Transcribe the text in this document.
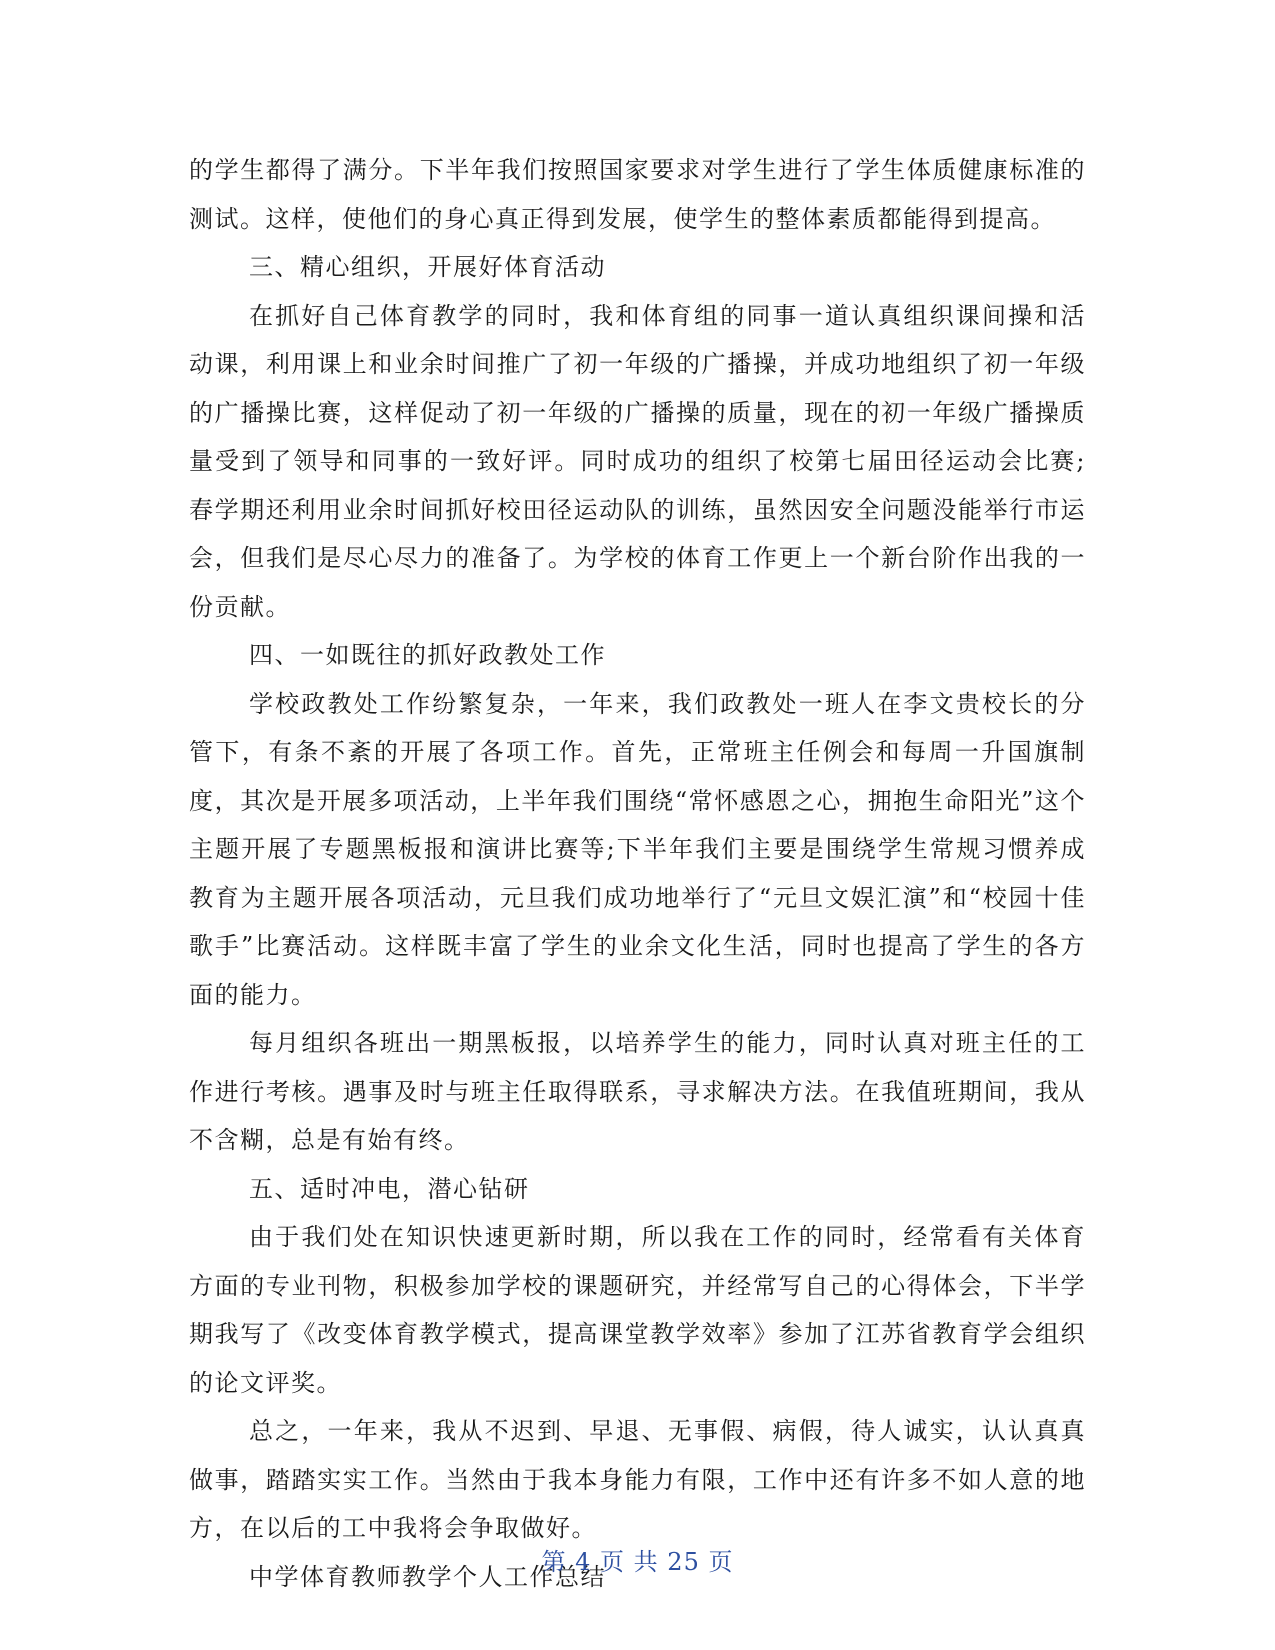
的学生都得了满分。下半年我们按照国家要求对学生进行了学生体质健康标准的测试。这样，使他们的身心真正得到发展，使学生的整体素质都能得到提高。

三、精心组织，开展好体育活动

在抓好自己体育教学的同时，我和体育组的同事一道认真组织课间操和活动课，利用课上和业余时间推广了初一年级的广播操，并成功地组织了初一年级的广播操比赛，这样促动了初一年级的广播操的质量，现在的初一年级广播操质量受到了领导和同事的一致好评。同时成功的组织了校第七届田径运动会比赛;春学期还利用业余时间抓好校田径运动队的训练，虽然因安全问题没能举行市运会，但我们是尽心尽力的准备了。为学校的体育工作更上一个新台阶作出我的一份贡献。

四、一如既往的抓好政教处工作

学校政教处工作纷繁复杂，一年来，我们政教处一班人在李文贵校长的分管下，有条不紊的开展了各项工作。首先，正常班主任例会和每周一升国旗制度，其次是开展多项活动，上半年我们围绕“常怀感恩之心，拥抱生命阳光”这个主题开展了专题黑板报和演讲比赛等;下半年我们主要是围绕学生常规习惯养成教育为主题开展各项活动，元旦我们成功地举行了“元旦文娱汇演”和“校园十佳歌手”比赛活动。这样既丰富了学生的业余文化生活，同时也提高了学生的各方面的能力。

每月组织各班出一期黑板报，以培养学生的能力，同时认真对班主任的工作进行考核。遇事及时与班主任取得联系，寻求解决方法。在我值班期间，我从不含糊，总是有始有终。

五、适时冲电，潜心钻研

由于我们处在知识快速更新时期，所以我在工作的同时，经常看有关体育方面的专业刊物，积极参加学校的课题研究，并经常写自己的心得体会，下半学期我写了《改变体育教学模式，提高课堂教学效率》参加了江苏省教育学会组织的论文评奖。

总之，一年来，我从不迟到、早退、无事假、病假，待人诚实，认认真真做事，踏踏实实工作。当然由于我本身能力有限，工作中还有许多不如人意的地方，在以后的工中我将会争取做好。

中学体育教师教学个人工作总结

第 4 页 共 25 页
